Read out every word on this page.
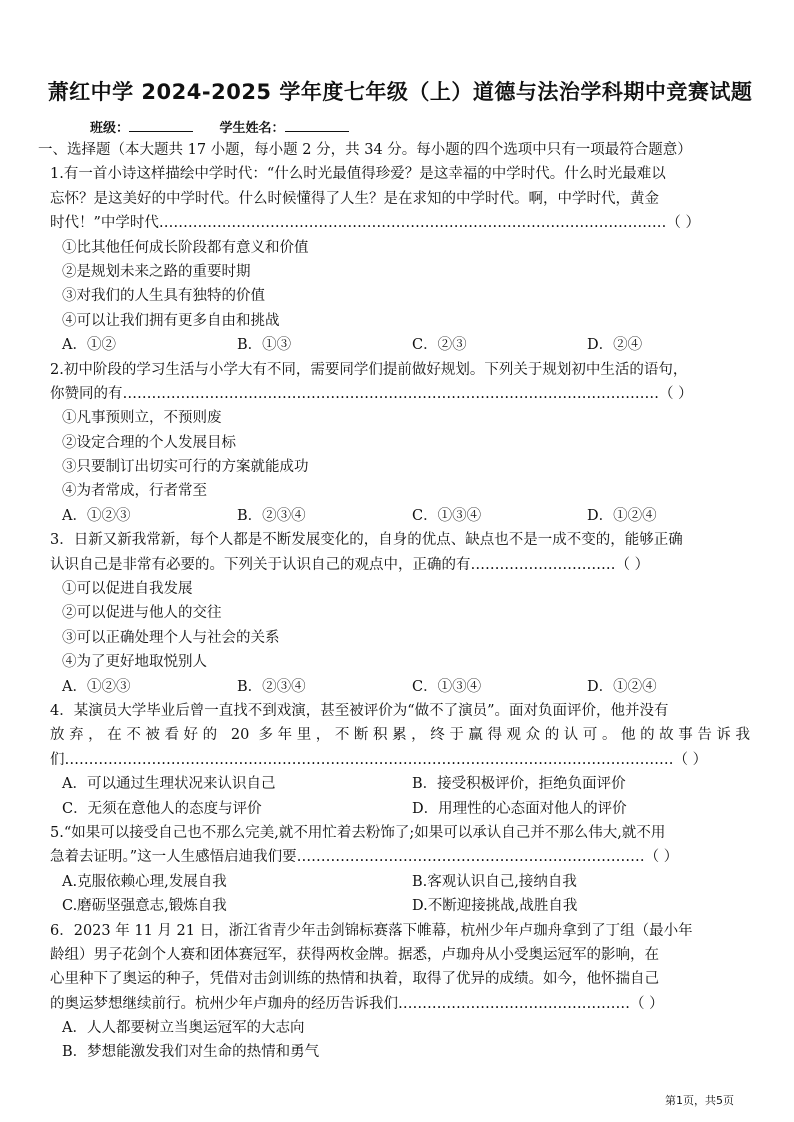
萧红中学 2024-2025 学年度七年级（上）道德与法治学科期中竞赛试题
班级：	学生姓名：
一、选择题（本大题共 17 小题，每小题 2 分，共 34 分。每小题的四个选项中只有一项最符合题意）
1.有一首小诗这样描绘中学时代：“什么时光最值得珍爱？是这幸福的中学时代。什么时光最难以
忘怀？是这美好的中学时代。什么时候懂得了人生？是在求知的中学时代。啊，中学时代，黄金
时代！”中学时代……………………………………………………………………………………………（ ）
①比其他任何成长阶段都有意义和价值
②是规划未来之路的重要时期
③对我们的人生具有独特的价值
④可以让我们拥有更多自由和挑战
A．①②	B．①③	C．②③	D．②④
2.初中阶段的学习生活与小学大有不同，需要同学们提前做好规划。下列关于规划初中生活的语句，
你赞同的有…………………………………………………………………………………………………（ ）
①凡事预则立，不预则废
②设定合理的个人发展目标
③只要制订出切实可行的方案就能成功
④为者常成，行者常至
A．①②③	B．②③④	C．①③④	D．①②④
3．日新又新我常新，每个人都是不断发展变化的，自身的优点、缺点也不是一成不变的，能够正确
认识自己是非常有必要的。下列关于认识自己的观点中，正确的有…………………………（ ）
①可以促进自我发展
②可以促进与他人的交往
③可以正确处理个人与社会的关系
④为了更好地取悦别人
A．①②③	B．②③④	C．①③④	D．①②④
4．某演员大学毕业后曾一直找不到戏演，甚至被评价为“做不了演员”。面对负面评价，他并没有
放弃，在不被看好的 20 多年里，不断积累，终于赢得观众的认可。他的故事告诉我
们………………………………………………………………………………………………………………（ ）
A．可以通过生理状况来认识自己	B．接受积极评价，拒绝负面评价
C．无须在意他人的态度与评价	D．用理性的心态面对他人的评价
5.“如果可以接受自己也不那么完美,就不用忙着去粉饰了;如果可以承认自己并不那么伟大,就不用
急着去证明。”这一人生感悟启迪我们要………………………………………………………………（ ）
A.克服依赖心理,发展自我	B.客观认识自己,接纳自我
C.磨砺坚强意志,锻炼自我	D.不断迎接挑战,战胜自我
6．2023 年 11 月 21 日，浙江省青少年击剑锦标赛落下帷幕，杭州少年卢珈舟拿到了丁组（最小年
龄组）男子花剑个人赛和团体赛冠军，获得两枚金牌。据悉，卢珈舟从小受奥运冠军的影响，在
心里种下了奥运的种子，凭借对击剑训练的热情和执着，取得了优异的成绩。如今，他怀揣自己
的奥运梦想继续前行。杭州少年卢珈舟的经历告诉我们…………………………………………（ ）
A．人人都要树立当奥运冠军的大志向
B．梦想能激发我们对生命的热情和勇气
第1页，共5页
